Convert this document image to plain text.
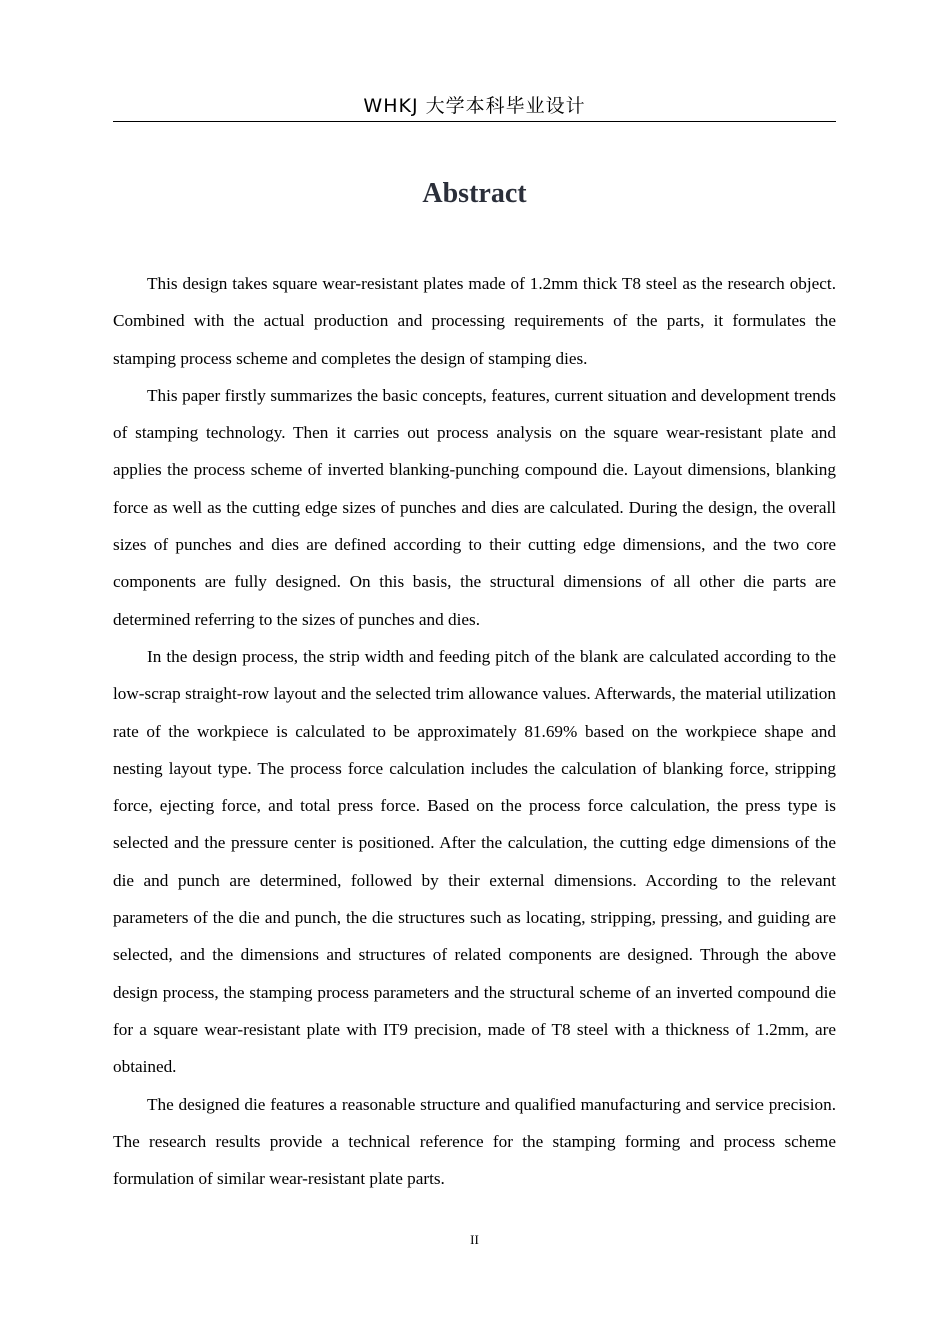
WHKJ 大学本科毕业设计
Abstract

This design takes square wear-resistant plates made of 1.2mm thick T8 steel as the research object. Combined with the actual production and processing requirements of the parts, it formulates the stamping process scheme and completes the design of stamping dies.

This paper firstly summarizes the basic concepts, features, current situation and development trends of stamping technology. Then it carries out process analysis on the square wear-resistant plate and applies the process scheme of inverted blanking-punching compound die. Layout dimensions, blanking force as well as the cutting edge sizes of punches and dies are calculated. During the design, the overall sizes of punches and dies are defined according to their cutting edge dimensions, and the two core components are fully designed. On this basis, the structural dimensions of all other die parts are determined referring to the sizes of punches and dies.

In the design process, the strip width and feeding pitch of the blank are calculated according to the low-scrap straight-row layout and the selected trim allowance values. Afterwards, the material utilization rate of the workpiece is calculated to be approximately 81.69% based on the workpiece shape and nesting layout type. The process force calculation includes the calculation of blanking force, stripping force, ejecting force, and total press force. Based on the process force calculation, the press type is selected and the pressure center is positioned. After the calculation, the cutting edge dimensions of the die and punch are determined, followed by their external dimensions. According to the relevant parameters of the die and punch, the die structures such as locating, stripping, pressing, and guiding are selected, and the dimensions and structures of related components are designed. Through the above design process, the stamping process parameters and the structural scheme of an inverted compound die for a square wear-resistant plate with IT9 precision, made of T8 steel with a thickness of 1.2mm, are obtained.

The designed die features a reasonable structure and qualified manufacturing and service precision. The research results provide a technical reference for the stamping forming and process scheme formulation of similar wear-resistant plate parts.

II
